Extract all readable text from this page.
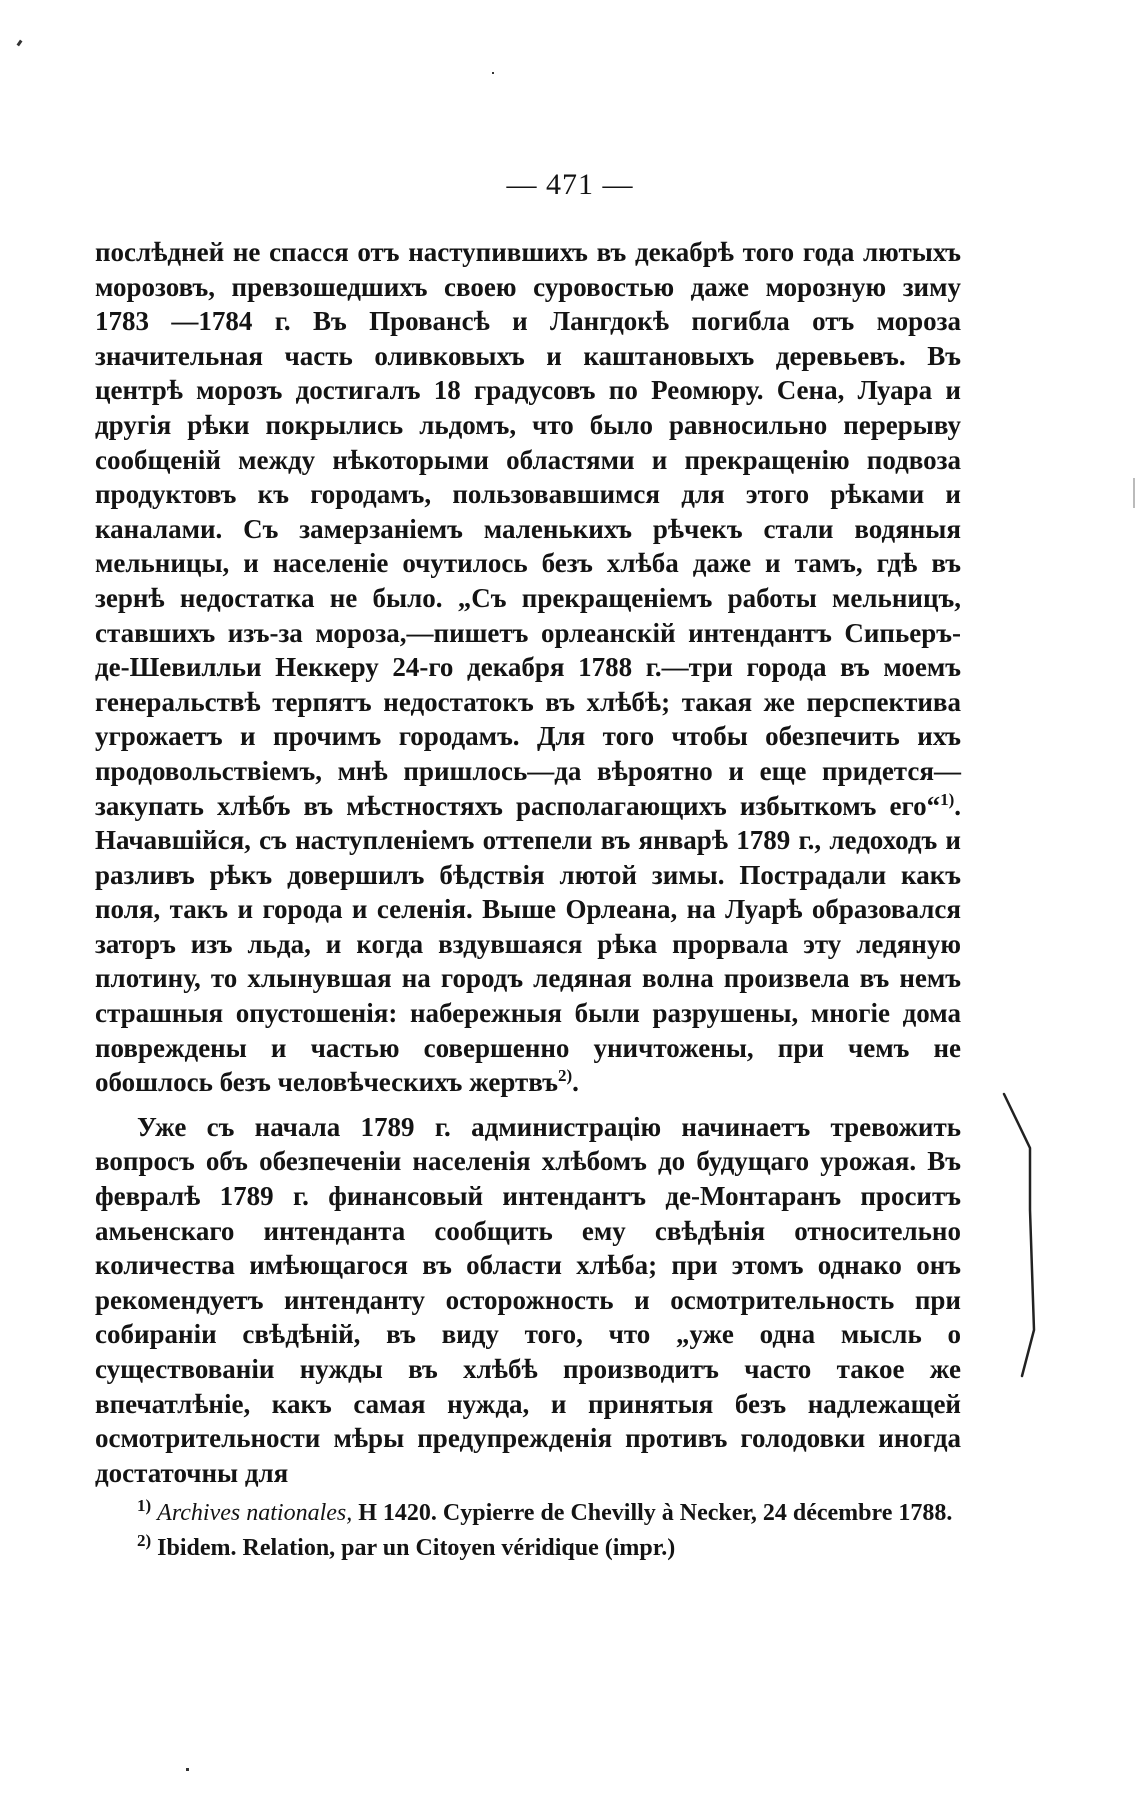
— 471 —

послѣдней не спасся отъ наступившихъ въ декабрѣ того года лютыхъ морозовъ, превзошедшихъ своею суровостью даже морозную зиму 1783 —1784 г. Въ Провансѣ и Лангдокѣ погибла отъ мороза значительная часть оливковыхъ и каштановыхъ деревьевъ. Въ центрѣ морозъ достигалъ 18 градусовъ по Реомюру. Сена, Луара и другія рѣки покрылись льдомъ, что было равносильно перерыву сообщеній между нѣкоторыми областями и прекращенію подвоза продуктовъ къ городамъ, пользовавшимся для этого рѣками и каналами. Съ замерзаніемъ маленькихъ рѣчекъ стали водяныя мельницы, и населеніе очутилось безъ хлѣба даже и тамъ, гдѣ въ зернѣ недостатка не было. „Съ прекращеніемъ работы мельницъ, ставшихъ изъ-за мороза,—пишетъ орлеанскій интендантъ Сипьеръ-де-Шевилльи Неккеру 24-го декабря 1788 г.—три города въ моемъ генеральствѣ терпятъ недостатокъ въ хлѣбѣ; такая же перспектива угрожаетъ и прочимъ городамъ. Для того чтобы обезпечить ихъ продовольствіемъ, мнѣ пришлось—да вѣроятно и еще придется—закупать хлѣбъ въ мѣстностяхъ располагающихъ избыткомъ его“$^{1)}$. Начавшійся, съ наступленіемъ оттепели въ январѣ 1789 г., ледоходъ и разливъ рѣкъ довершилъ бѣдствія лютой зимы. Пострадали какъ поля, такъ и города и селенія. Выше Орлеана, на Луарѣ образовался заторъ изъ льда, и когда вздувшаяся рѣка прорвала эту ледяную плотину, то хлынувшая на городъ ледяная волна произвела въ немъ страшныя опустошенія: набережныя были разрушены, многіе дома повреждены и частью совершенно уничтожены, при чемъ не обошлось безъ человѣческихъ жертвъ$^{2)}$.

Уже съ начала 1789 г. администрацію начинаетъ тревожить вопросъ объ обезпеченіи населенія хлѣбомъ до будущаго урожая. Въ февралѣ 1789 г. финансовый интендантъ де-Монтаранъ проситъ амьенскаго интенданта сообщить ему свѣдѣнія относительно количества имѣющагося въ области хлѣба; при этомъ однако онъ рекомендуетъ интенданту осторожность и осмотрительность при собираніи свѣдѣній, въ виду того, что „уже одна мысль о существованіи нужды въ хлѣбѣ производитъ часто такое же впечатлѣніе, какъ самая нужда, и принятыя безъ надлежащей осмотрительности мѣры предупрежденія противъ голодовки иногда достаточны для

$^{1)}$ Archives nationales, H 1420. Cypierre de Chevilly à Necker, 24 décembre 1788.

$^{2)}$ Ibidem. Relation, par un Citoyen véridique (impr.)
